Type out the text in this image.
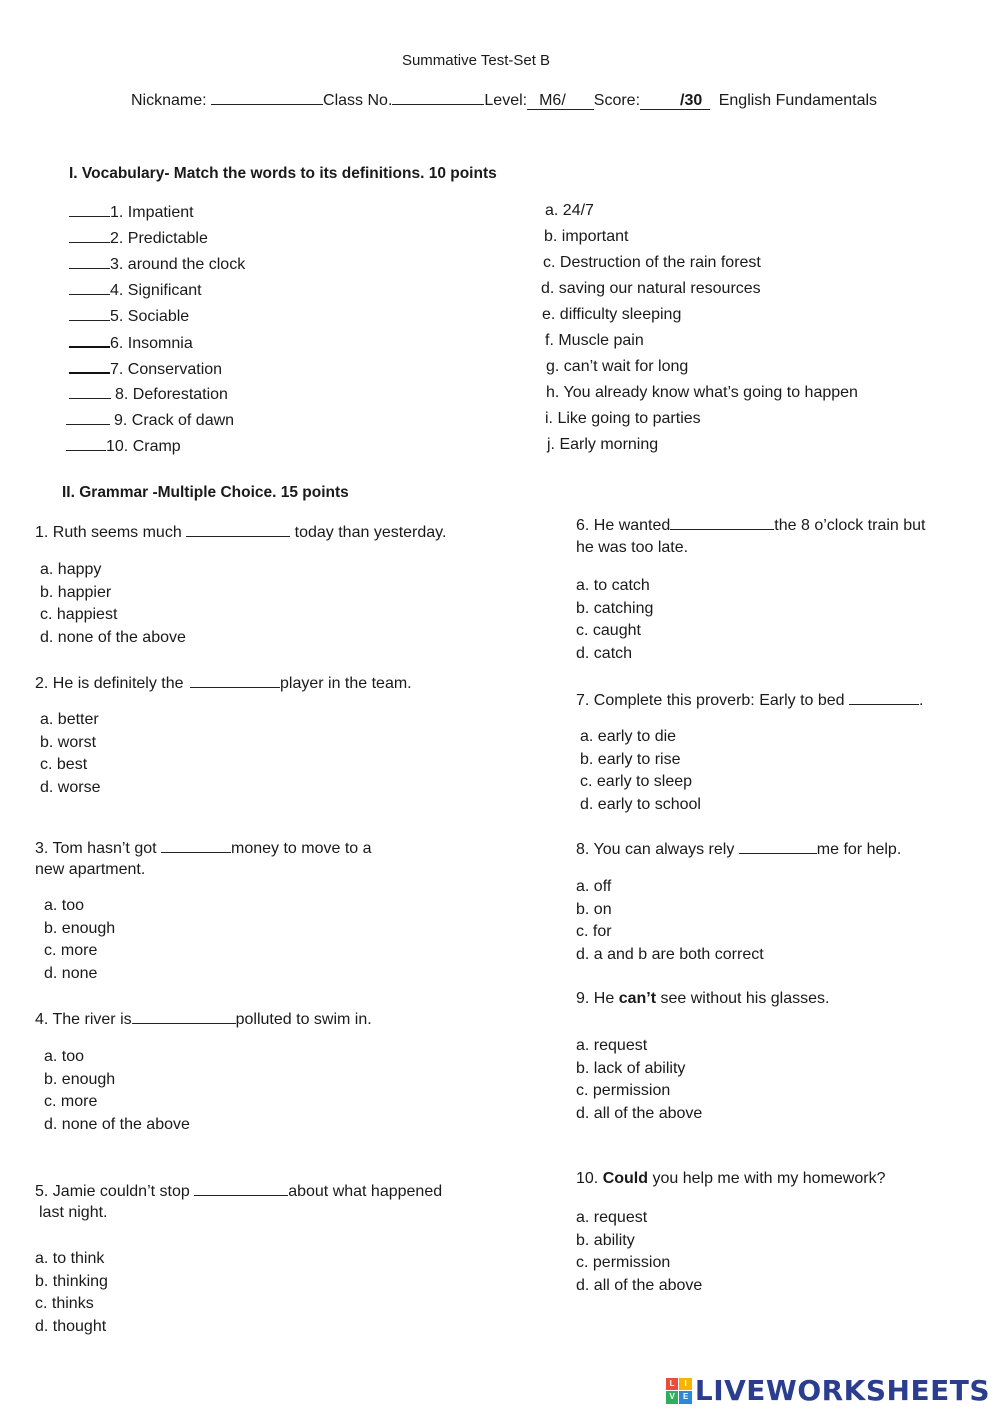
Summative Test-Set B
Nickname:	Class No.	Level: M6/ Score:	/30 English Fundamentals
I. Vocabulary- Match the words to its definitions. 10 points
1. Impatient
2. Predictable
3. around the clock
4. Significant
5. Sociable
6. Insomnia
7. Conservation
8. Deforestation
9. Crack of dawn
10. Cramp
a. 24/7
b. important
c. Destruction of the rain forest
d. saving our natural resources
e. difficulty sleeping
f. Muscle pain
g. can’t wait for long
h. You already know what’s going to happen
i. Like going to parties
j. Early morning
II. Grammar -Multiple Choice. 15 points
1. Ruth seems much	today than yesterday.
a. happy
b. happier
c. happiest
d. none of the above
2. He is definitely the	player in the team.
a. better
b. worst
c. best
d. worse
3. Tom hasn’t got	money to move to a
new apartment.
a. too
b. enough
c. more
d. none
4. The river is	polluted to swim in.
a. too
b. enough
c. more
d. none of the above
5. Jamie couldn’t stop	about what happened
last night.
a. to think
b. thinking
c. thinks
d. thought
6. He wanted	the 8 o’clock train but
he was too late.
a. to catch
b. catching
c. caught
d. catch
7. Complete this proverb: Early to bed	.
a. early to die
b. early to rise
c. early to sleep
d. early to school
8. You can always rely	me for help.
a. off
b. on
c. for
d. a and b are both correct
9. He can’t see without his glasses.
a. request
b. lack of ability
c. permission
d. all of the above
10. Could you help me with my homework?
a. request
b. ability
c. permission
d. all of the above
L	I
V	E LIVEWORKSHEETS
